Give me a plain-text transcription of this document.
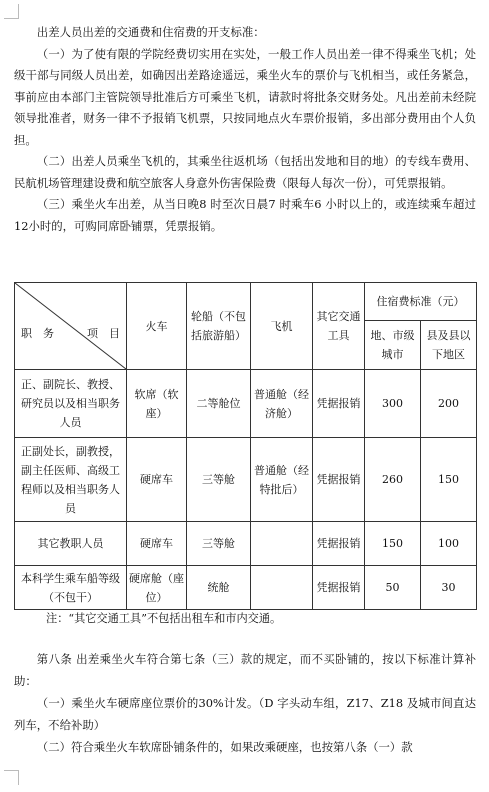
出差人员出差的交通费和住宿费的开支标准：

（一）为了使有限的学院经费切实用在实处，一般工作人员出差一律不得乘坐飞机；处级干部与同级人员出差，如确因出差路途遥远，乘坐火车的票价与飞机相当，或任务紧急，事前应由本部门主管院领导批准后方可乘坐飞机，请款时将批条交财务处。凡出差前未经院领导批准者，财务一律不予报销飞机票，只按同地点火车票价报销，多出部分费用由个人负担。

（二）出差人员乘坐飞机的，其乘坐往返机场（包括出发地和目的地）的专线车费用、民航机场管理建设费和航空旅客人身意外伤害保险费（限每人每次一份），可凭票报销。

（三）乘坐火车出差，从当日晚8 时至次日晨7 时乘车6 小时以上的，或连续乘车超过12小时的，可购同席卧铺票，凭票报销。

职　务 项　目	火车	轮船（不包括旅游船）	飞机	其它交通工具	住宿费标准（元）	
					地、市级城市	县及县以下地区
正、副院长、教授、研究员以及相当职务人员	软席（软座）	二等舱位	普通舱（经济舱）	凭据报销	300	200
正副处长，副教授，副主任医师、高级工程师以及相当职务人员	硬席车	三等舱	普通舱（经特批后）	凭据报销	260	150
其它教职人员	硬席车	三等舱		凭据报销	150	100
本科学生乘车船等级（不包干）	硬席舱（座位）	统舱		凭据报销	50	30
注：“其它交通工具”不包括出租车和市内交通。

第八条 出差乘坐火车符合第七条（三）款的规定，而不买卧铺的，按以下标准计算补助：

（一）乘坐火车硬席座位票价的30%计发。（D 字头动车组，Z17、Z18 及城市间直达列车，不给补助）

（二）符合乘坐火车软席卧铺条件的，如果改乘硬座，也按第八条（一）款
